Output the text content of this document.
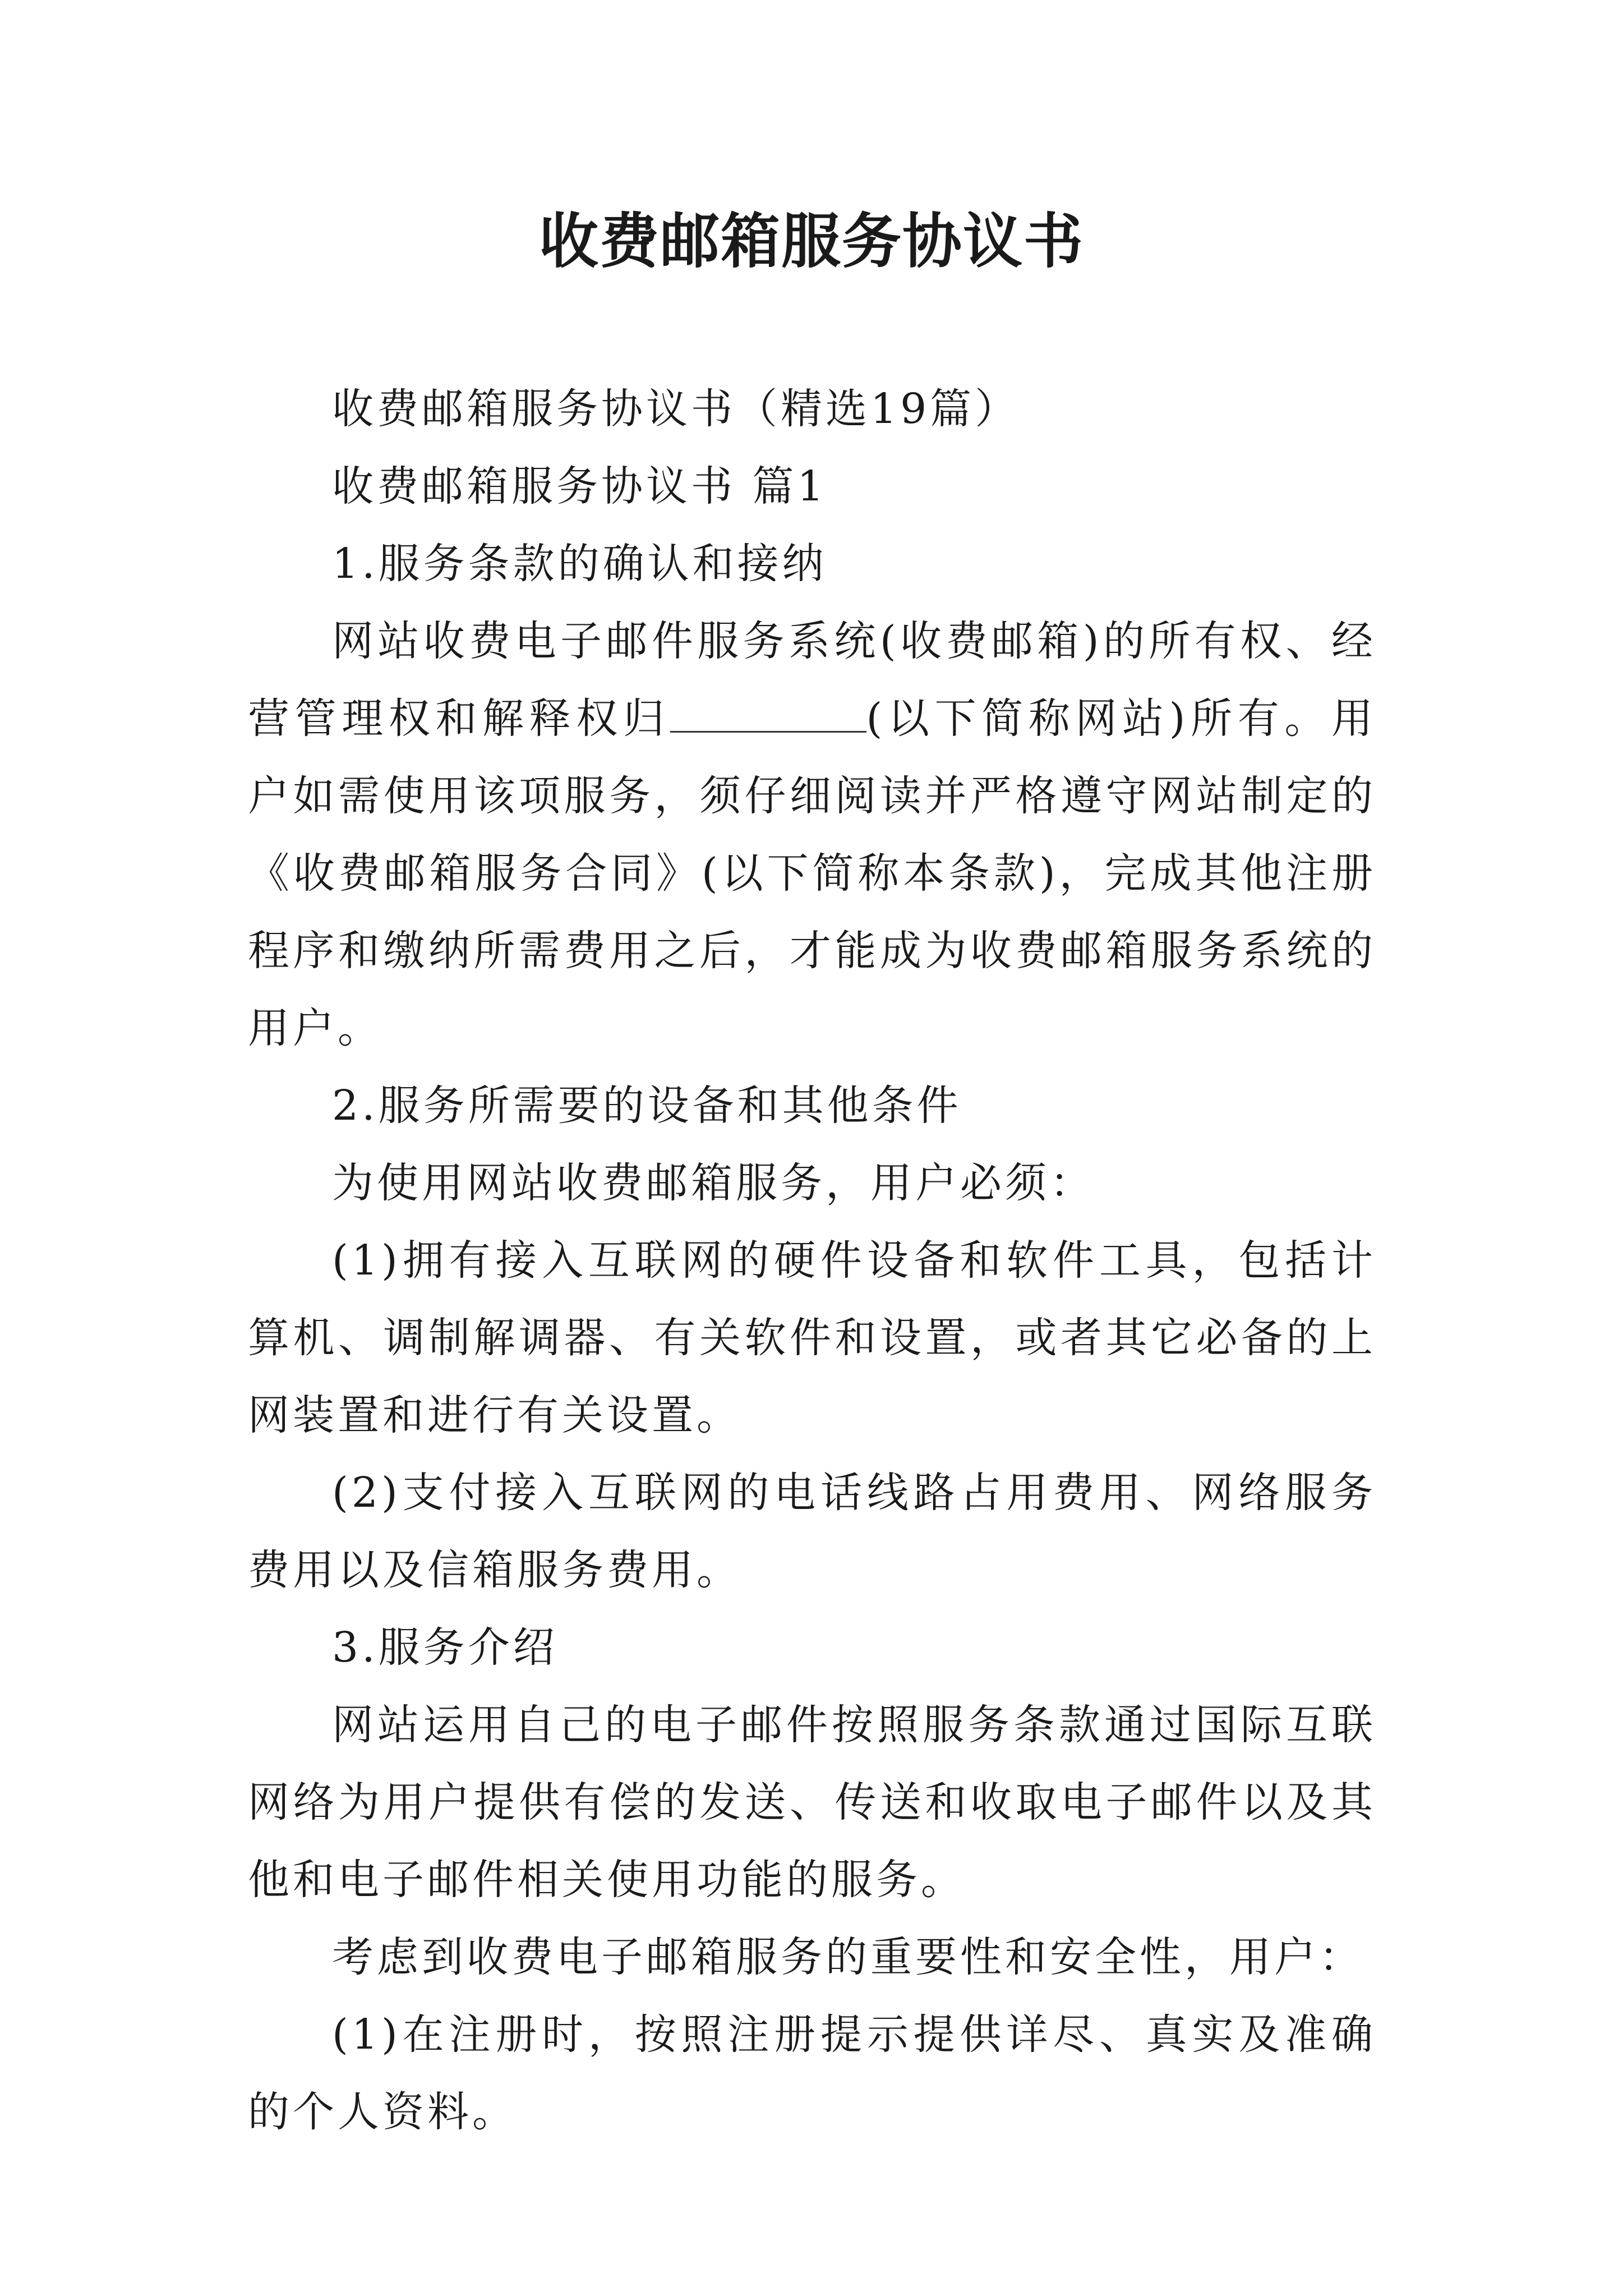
收费邮箱服务协议书

收费邮箱服务协议书（精选19篇）

收费邮箱服务协议书 篇1

1.服务条款的确认和接纳

网站收费电子邮件服务系统(收费邮箱)的所有权、经营管理权和解释权归	(以下简称网站)所有。用户如需使用该项服务，须仔细阅读并严格遵守网站制定的《收费邮箱服务合同》(以下简称本条款)，完成其他注册程序和缴纳所需费用之后，才能成为收费邮箱服务系统的用户。

2.服务所需要的设备和其他条件

为使用网站收费邮箱服务，用户必须：

(1)拥有接入互联网的硬件设备和软件工具，包括计算机、调制解调器、有关软件和设置，或者其它必备的上网装置和进行有关设置。

(2)支付接入互联网的电话线路占用费用、网络服务费用以及信箱服务费用。

3.服务介绍

网站运用自己的电子邮件按照服务条款通过国际互联网络为用户提供有偿的发送、传送和收取电子邮件以及其他和电子邮件相关使用功能的服务。

考虑到收费电子邮箱服务的重要性和安全性，用户：

(1)在注册时，按照注册提示提供详尽、真实及准确的个人资料。
